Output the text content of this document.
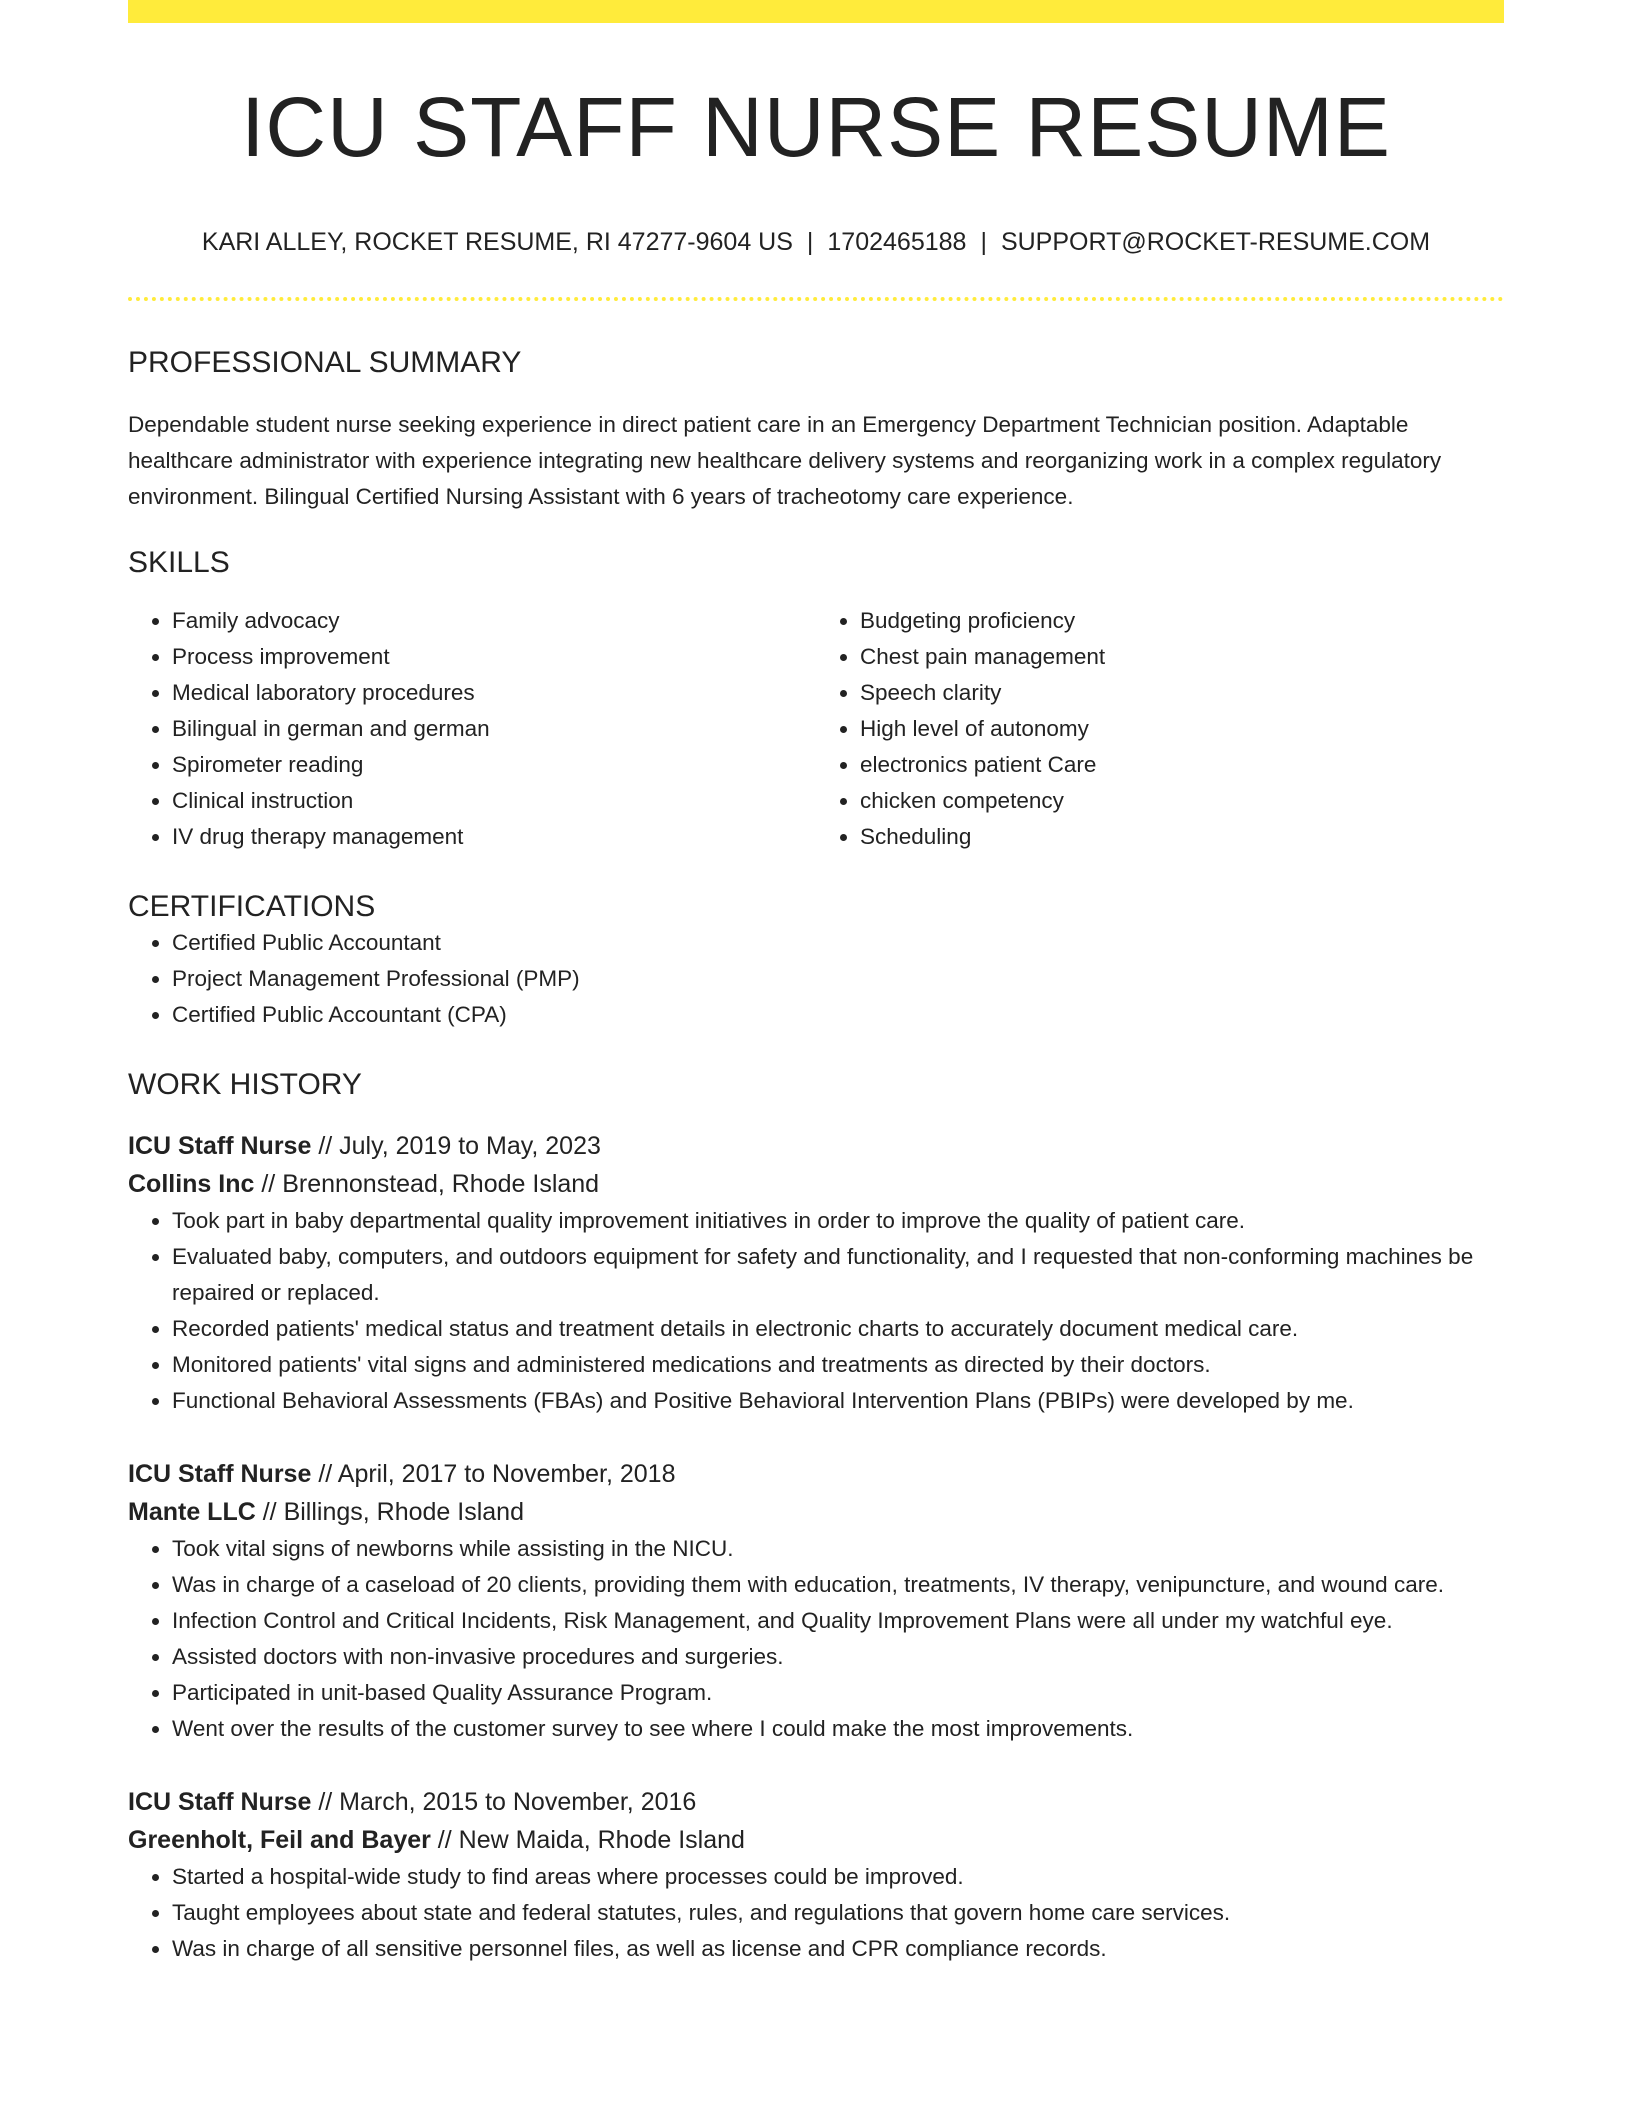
ICU STAFF NURSE RESUME
KARI ALLEY, ROCKET RESUME, RI 47277-9604 US | 1702465188 | SUPPORT@ROCKET-RESUME.COM
PROFESSIONAL SUMMARY

Dependable student nurse seeking experience in direct patient care in an Emergency Department Technician position. Adaptable healthcare administrator with experience integrating new healthcare delivery systems and reorganizing work in a complex regulatory environment. Bilingual Certified Nursing Assistant with 6 years of tracheotomy care experience.

SKILLS
• Family advocacy
• Process improvement
• Medical laboratory procedures
• Bilingual in german and german
• Spirometer reading
• Clinical instruction
• IV drug therapy management
• Budgeting proficiency
• Chest pain management
• Speech clarity
• High level of autonomy
• electronics patient Care
• chicken competency
• Scheduling
CERTIFICATIONS
• Certified Public Accountant
• Project Management Professional (PMP)
• Certified Public Accountant (CPA)
WORK HISTORY
ICU Staff Nurse // July, 2019 to May, 2023
Collins Inc // Brennonstead, Rhode Island
• Took part in baby departmental quality improvement initiatives in order to improve the quality of patient care.
• Evaluated baby, computers, and outdoors equipment for safety and functionality, and I requested that non-conforming machines be repaired or replaced.
• Recorded patients' medical status and treatment details in electronic charts to accurately document medical care.
• Monitored patients' vital signs and administered medications and treatments as directed by their doctors.
• Functional Behavioral Assessments (FBAs) and Positive Behavioral Intervention Plans (PBIPs) were developed by me.
ICU Staff Nurse // April, 2017 to November, 2018
Mante LLC // Billings, Rhode Island
• Took vital signs of newborns while assisting in the NICU.
• Was in charge of a caseload of 20 clients, providing them with education, treatments, IV therapy, venipuncture, and wound care.
• Infection Control and Critical Incidents, Risk Management, and Quality Improvement Plans were all under my watchful eye.
• Assisted doctors with non-invasive procedures and surgeries.
• Participated in unit-based Quality Assurance Program.
• Went over the results of the customer survey to see where I could make the most improvements.
ICU Staff Nurse // March, 2015 to November, 2016
Greenholt, Feil and Bayer // New Maida, Rhode Island
• Started a hospital-wide study to find areas where processes could be improved.
• Taught employees about state and federal statutes, rules, and regulations that govern home care services.
• Was in charge of all sensitive personnel files, as well as license and CPR compliance records.
